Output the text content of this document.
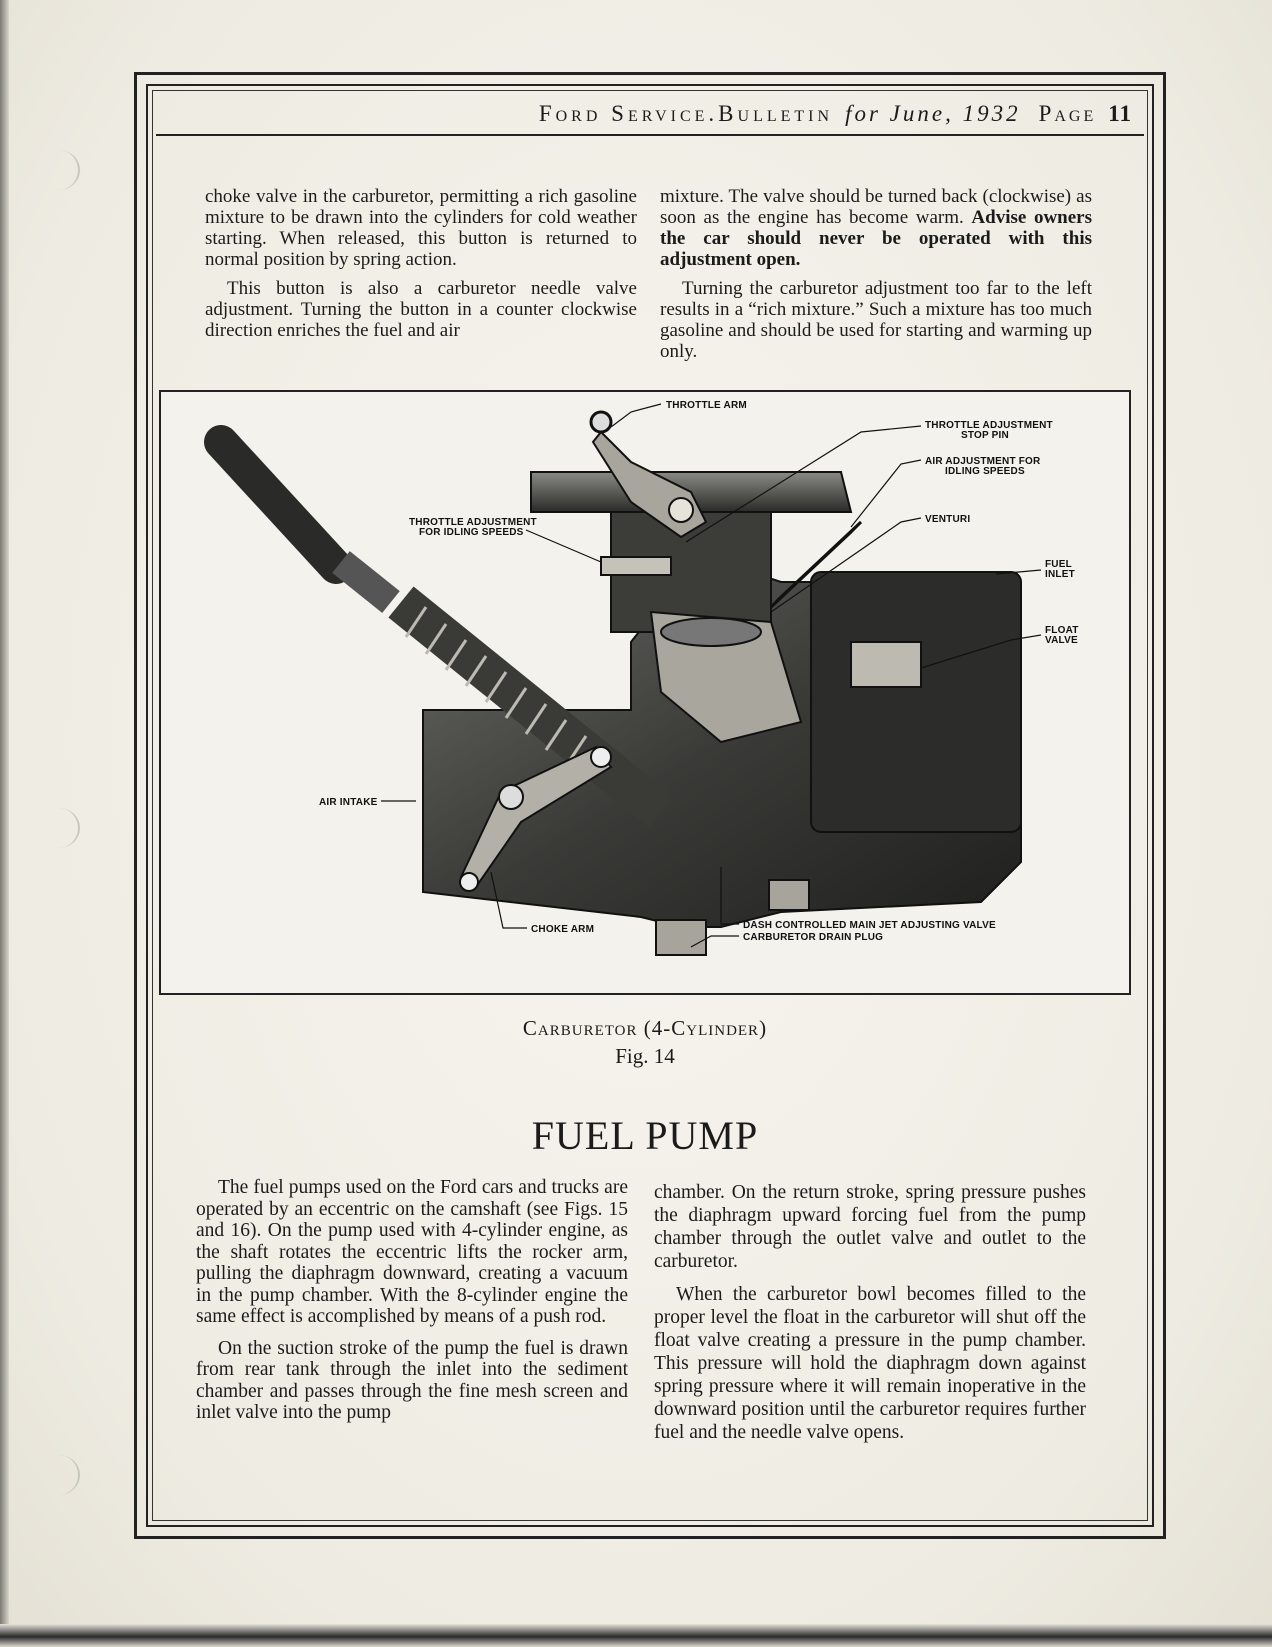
Ford Service.Bulletin for June, 1932 Page 11

choke valve in the carburetor, permitting a rich gasoline mixture to be drawn into the cylinders for cold weather starting. When released, this button is returned to normal position by spring action.

This button is also a carburetor needle valve adjustment. Turning the button in a counter clockwise direction enriches the fuel and air

mixture. The valve should be turned back (clockwise) as soon as the engine has become warm. Advise owners the car should never be operated with this adjustment open.

Turning the carburetor adjustment too far to the left results in a “rich mixture.” Such a mixture has too much gasoline and should be used for starting and warming up only.

THROTTLE ARM
THROTTLE ADJUSTMENT
STOP PIN
AIR ADJUSTMENT FOR
IDLING SPEEDS
VENTURI
FUEL
INLET
FLOAT
VALVE
THROTTLE ADJUSTMENT
FOR IDLING SPEEDS
AIR INTAKE
CHOKE ARM	DASH CONTROLLED MAIN JET ADJUSTING VALVE
CARBURETOR DRAIN PLUG
Carburetor (4-Cylinder)
Fig. 14
FUEL PUMP

The fuel pumps used on the Ford cars and trucks are operated by an eccentric on the camshaft (see Figs. 15 and 16). On the pump used with 4-cylinder engine, as the shaft rotates the eccentric lifts the rocker arm, pulling the diaphragm downward, creating a vacuum in the pump chamber. With the 8-cylinder engine the same effect is accomplished by means of a push rod.

On the suction stroke of the pump the fuel is drawn from rear tank through the inlet into the sediment chamber and passes through the fine mesh screen and inlet valve into the pump

chamber. On the return stroke, spring pressure pushes the diaphragm upward forcing fuel from the pump chamber through the outlet valve and outlet to the carburetor.

When the carburetor bowl becomes filled to the proper level the float in the carburetor will shut off the float valve creating a pressure in the pump chamber. This pressure will hold the diaphragm down against spring pressure where it will remain inoperative in the downward position until the carburetor requires further fuel and the needle valve opens.
